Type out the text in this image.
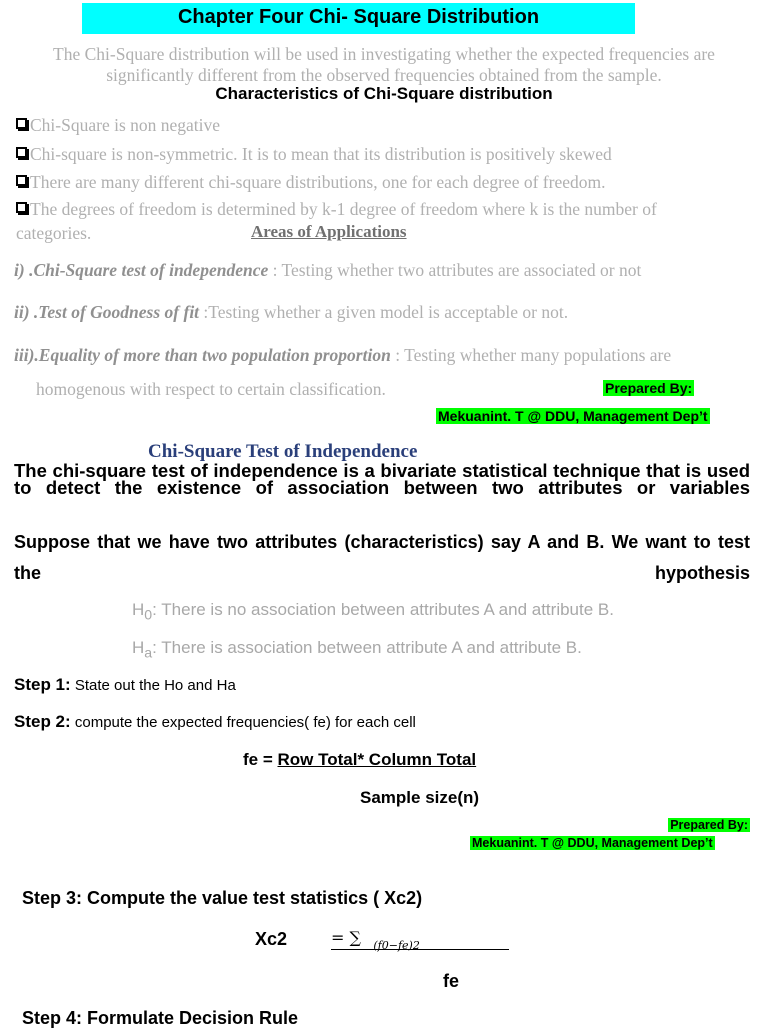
Chapter Four Chi- Square Distribution
The Chi-Square distribution will be used in investigating whether the expected frequencies are significantly different from the observed frequencies obtained from the sample.
Characteristics of Chi-Square distribution
Chi-Square is non negative
Chi-square is non-symmetric. It is to mean that its distribution is positively skewed
There are many different chi-square distributions, one for each degree of freedom.
The degrees of freedom is determined by k-1 degree of freedom where k is the number of categories.	Areas of Applications
i) .Chi-Square test of independence : Testing whether two attributes are associated or not
ii) .Test of Goodness of fit :Testing whether a given model is acceptable or not.
iii).Equality of more than two population proportion : Testing whether many populations are
homogenous with respect to certain classification.	Prepared By:
Mekuanint. T @ DDU, Management Dep’t
Chi-Square Test of Independence
The chi-square test of independence is a bivariate statistical technique that is used to detect the existence of association between two attributes or variables
Suppose that we have two attributes (characteristics) say A and B. We want to test the hypothesis
$H_0$: There is no association between attributes A and attribute B.
$H_a$: There is association between attribute A and attribute B.
Step 1: State out the Ho and Ha
Step 2: compute the expected frequencies( fe) for each cell
fe = Row Total* Column Total
Sample size(n)
Prepared By:
Mekuanint. T @ DDU, Management Dep’t
Step 3: Compute the value test statistics ( Xc2)
Xc2	= ∑ $_{(f0-fe)2}$
fe
Step 4: Formulate Decision Rule
